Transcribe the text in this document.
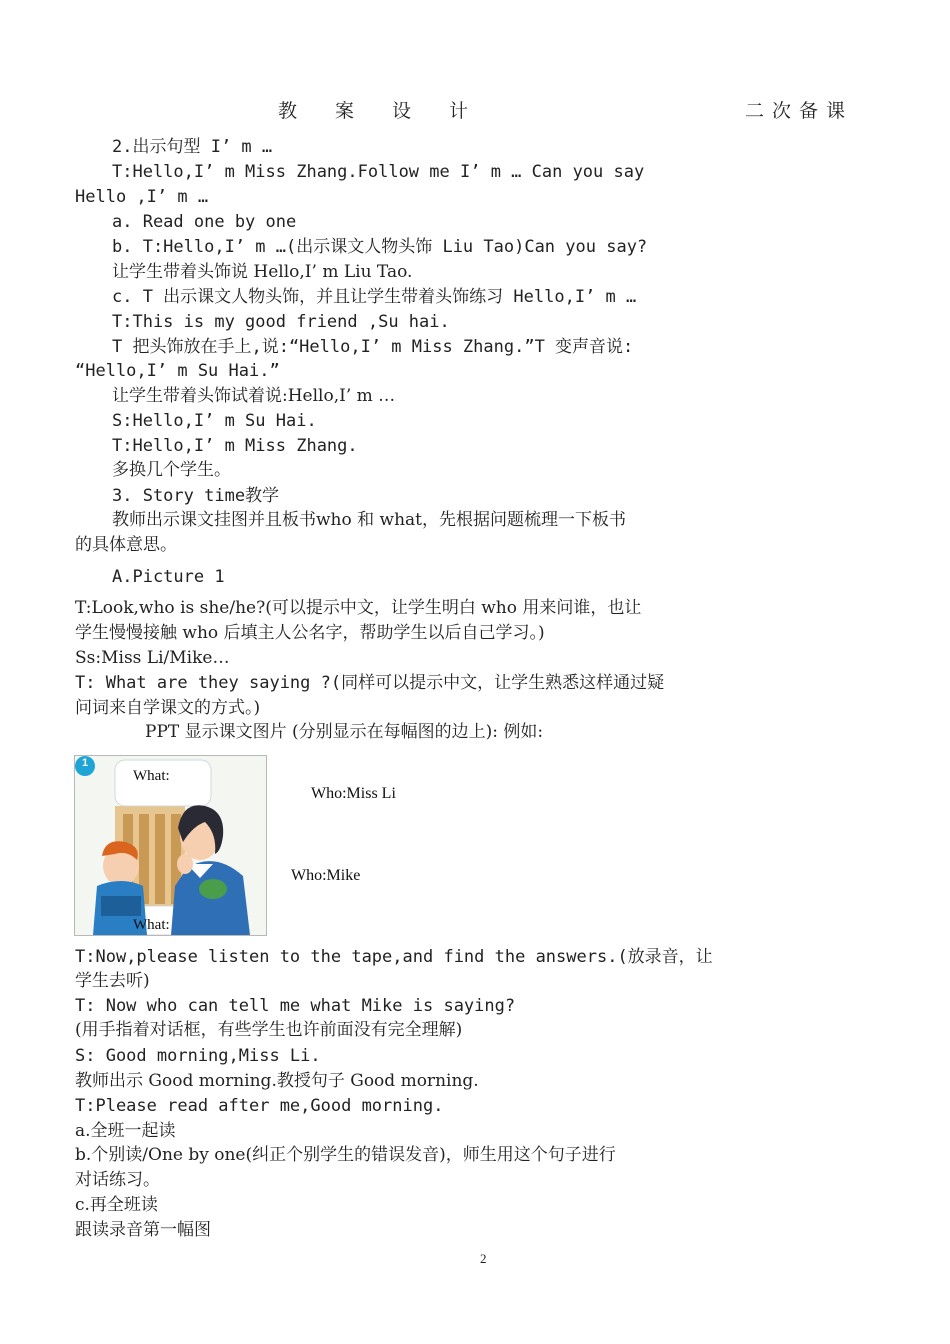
教 案 设 计	二 次 备 课
2.出示句型 I’ m …
T:Hello,I’ m Miss Zhang.Follow me I’ m … Can you say
Hello ,I’ m …
a. Read one by one
b. T:Hello,I’ m …(出示课文人物头饰 Liu Tao)Can you say?
让学生带着头饰说 Hello,I’ m Liu Tao.
c. T 出示课文人物头饰，并且让学生带着头饰练习 Hello,I’ m …
T:This is my good friend ,Su hai.
T 把头饰放在手上,说:“Hello,I’ m Miss Zhang.”T 变声音说:
“Hello,I’ m Su Hai.”
让学生带着头饰试着说:Hello,I’ m …
S:Hello,I’ m Su Hai.
T:Hello,I’ m Miss Zhang.
多换几个学生。
3. Story time教学
教师出示课文挂图并且板书who 和 what，先根据问题梳理一下板书
的具体意思。
A.Picture 1
T:Look,who is she/he?(可以提示中文，让学生明白 who 用来问谁，也让
学生慢慢接触 who 后填主人公名字，帮助学生以后自己学习。)
Ss:Miss Li/Mike…
T: What are they saying ?(同样可以提示中文，让学生熟悉这样通过疑
问词来自学课文的方式。)
PPT 显示课文图片 (分别显示在每幅图的边上): 例如:
What:
What:
1
Who:Miss Li
Who:Mike
T:Now,please listen to the tape,and find the answers.(放录音，让
学生去听)
T: Now who can tell me what Mike is saying?
(用手指着对话框，有些学生也许前面没有完全理解)
S: Good morning,Miss Li.
教师出示 Good morning.教授句子 Good morning.
T:Please read after me,Good morning.
a.全班一起读
b.个别读/One by one(纠正个别学生的错误发音)，师生用这个句子进行
对话练习。
c.再全班读
跟读录音第一幅图
2
